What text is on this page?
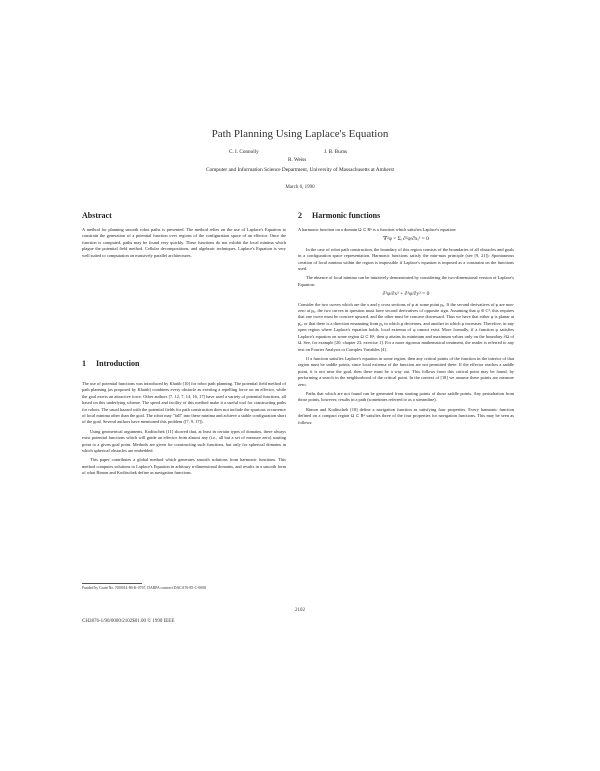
Path Planning Using Laplace's Equation
C. I. Connolly	J. B. Burns
R. Weiss
Computer and Information Science Department, University of Massachusetts at Amherst
March 6, 1990
Abstract

A method for planning smooth robot paths is presented. The method relies on the use of Laplace's Equation to constrain the generation of a potential function over regions of the configuration space of an effector. Once the function is computed, paths may be found very quickly. These functions do not exhibit the local minima which plague the potential field method. Cellular decompositions, and algebraic techniques, Laplace's Equation is very well suited to computation on massively parallel architectures.

1 Introduction

The use of potential functions was introduced by Khatib [10] for robot path planning. The potential field method of path planning (as proposed by Khatib) combines every obstacle as exerting a repelling force on an effector, while the goal exerts an attractive force. Other authors [7, 12, 7, 14, 16, 17] have used a variety of potential functions, all based on this underlying scheme. The speed and facility of this method make it a useful tool for constructing paths for robots. The usual hazard with the potential fields for path construction does not include the spurious occurrence of local minima other than the goal. The robot may "fall" into these minima and achieve a stable configuration short of the goal. Several authors have mentioned this problem ([7, 9, 17]).

Using geometrical arguments, Koditschek [11] showed that, at least in certain types of domains, there always exist potential functions which will guide an effector from almost any (i.e., all but a set of measure zero) starting point to a given goal point. Methods are given for constructing such functions, but only for spherical domains in which spherical obstacles are embedded.

This paper contributes a global method which generates smooth solutions from harmonic functions. This method computes solutions to Laplace's Equation in arbitrary n-dimensional domains, and results in a smooth form of what Rimon and Koditschek define as navigation functions.

Funded by Grant No. N00014-86-K-0767, DARPA contract DACA76-85-C-0008
2 Harmonic functions

A harmonic function on a domain Ω ⊂ Rⁿ is a function which satisfies Laplace's equation:

∇²φ = Σᵢ ∂²φ/∂xᵢ² = 0

In the case of robot path construction, the boundary of this region consists of the boundaries of all obstacles and goals in a configuration space representation. Harmonic functions satisfy the min-max principle (see [9, 21]): Spontaneous creation of local minima within the region is impossible if Laplace's equation is imposed as a constraint on the functions used.

The absence of local minima can be intuitively demonstrated by considering the two-dimensional version of Laplace's Equation:

∂²φ/∂x² + ∂²φ/∂y² = 0

Consider the two curves which are the x and y cross sections of φ at some point p₀. If the second derivatives of φ are non-zero at p₀, the two curves in question must have second derivatives of opposite sign. Assuming that φ ∈ C², this requires that one curve must be concave upward, and the other must be concave downward. Thus we have that either φ is planar at p₀, or that there is a direction emanating from p₀ in which φ decreases, and another in which φ increases. Therefore, in any open region where Laplace's equation holds, local extrema of φ cannot exist. More formally, if a function φ satisfies Laplace's equation on some region Ω ⊂ Rⁿ, then φ attains its minimum and maximum values only on the boundary ∂Ω of Ω. See, for example [20, chapter 23, exercise 1]. For a more rigorous mathematical treatment, the reader is referred to any text on Fourier Analysis or Complex Variables [4].

If a function satisfies Laplace's equation in some region, then any critical points of the function in the interior of that region must be saddle points, since local extrema of the function are not permitted there. If the effector reaches a saddle point, it is not near the goal, then there must be a way out. This follows from this critical point may be found, by performing a search in the neighborhood of the critical point. In the context of [18] we assume these points are measure zero.

Paths that which are not found can be generated from starting points of those saddle points. Any perturbation from those points, however, results in a path (sometimes referred to as a streamline).

Rimon and Koditschek [18] define a navigation function as satisfying four properties. Every harmonic function defined on a compact region Ω ⊂ Rⁿ satisfies three of the four properties for navigation functions. This may be seen as follows:

2102
CH2876-1/90/0000/2102$01.00 © 1990 IEEE
